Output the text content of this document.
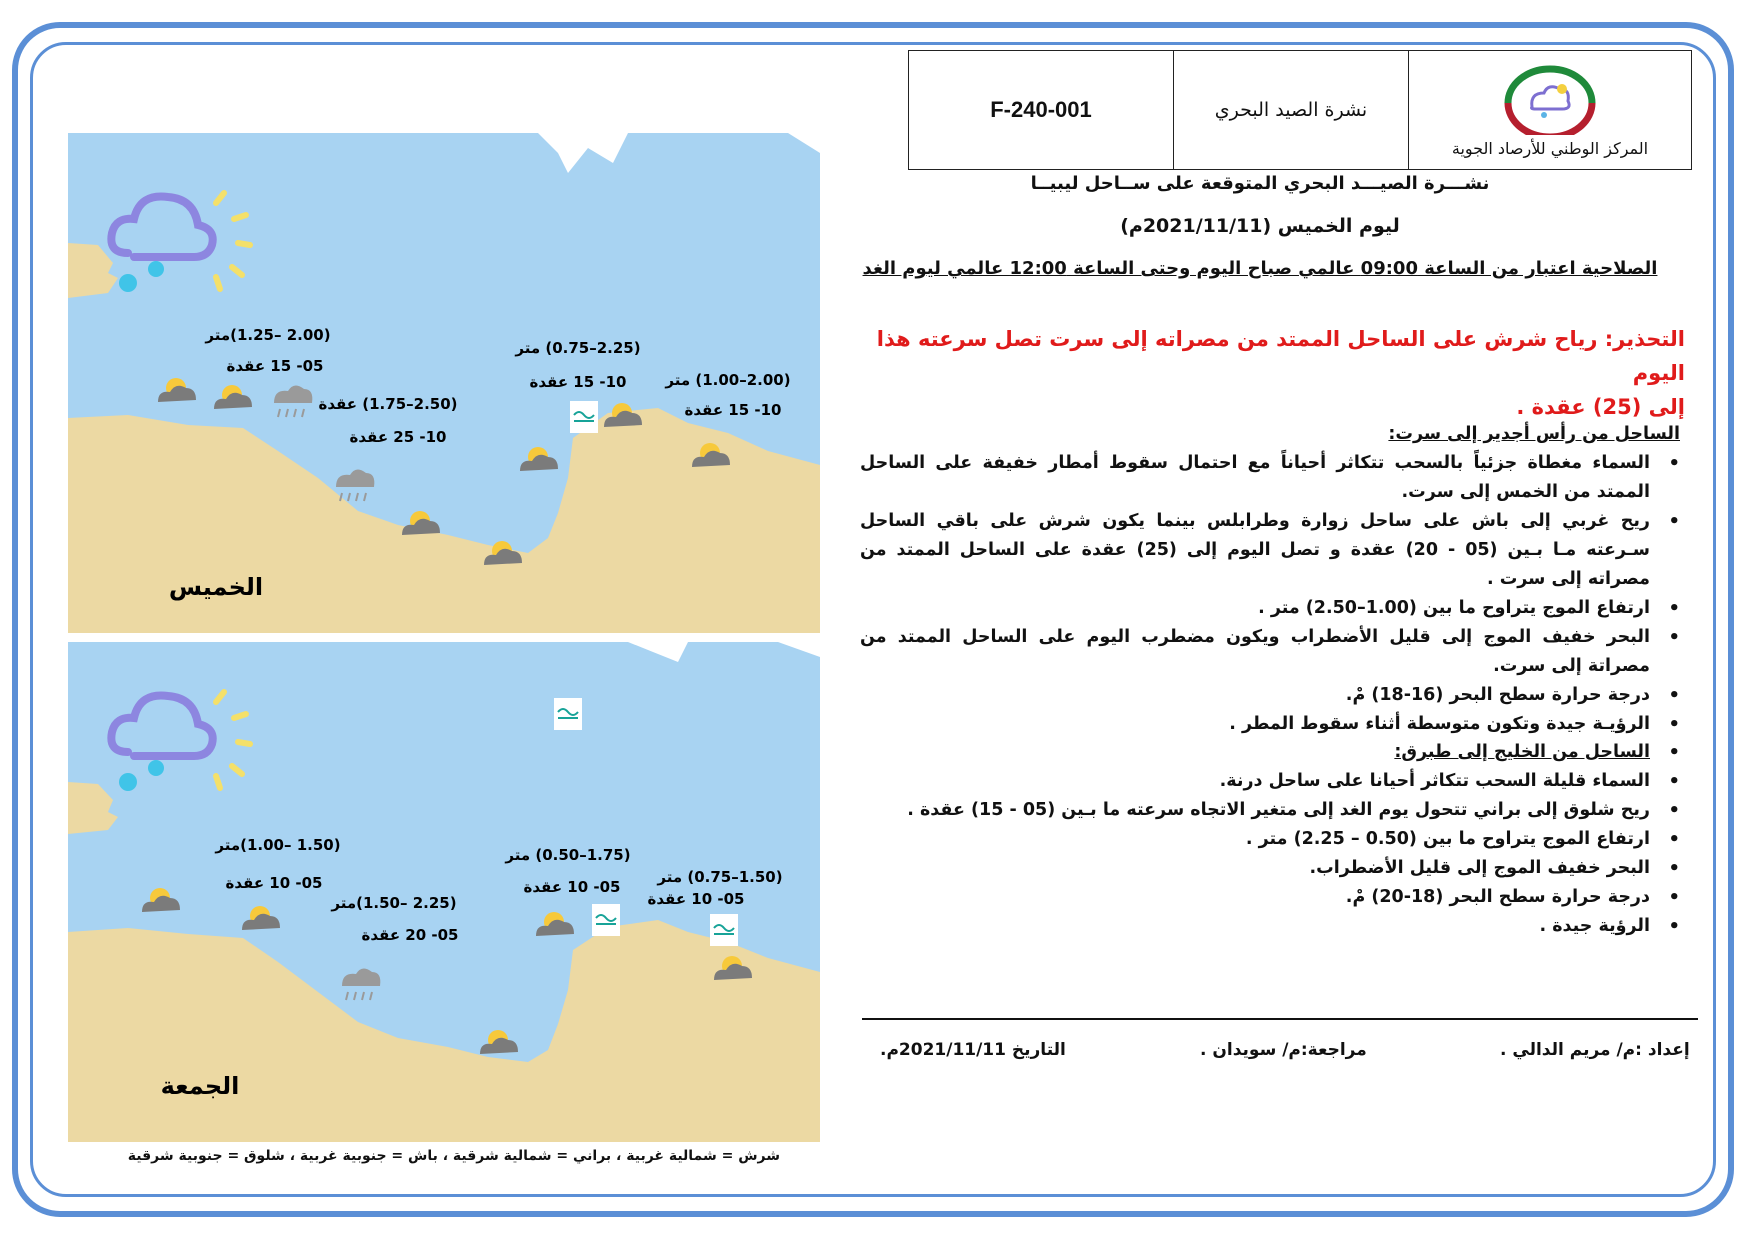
F-240-001	نشرة الصيد البحري
المركز الوطني للأرصاد الجوية
نشـــرة الصيـــد البحري المتوقعة على ســاحل ليبيــا
ليوم الخميس (2021/11/11م)
الصلاحية اعتبار من الساعة 09:00 عالمي صباح اليوم وحتى الساعة 12:00 عالمي ليوم الغد
التحذير: رياح شرش على الساحل الممتد من مصراته إلى سرت تصل سرعته هذا اليوم
إلى (25) عقدة .
الساحل من رأس أجدير إلى سرت:
• السماء مغطاة جزئياً بالسحب تتكاثر أحياناً مع احتمال سقوط أمطار خفيفة على الساحل الممتد من الخمس إلى سرت.
• ريح غربي إلى باش على ساحل زوارة وطرابلس بينما يكون شرش على باقي الساحل سـرعته مـا بـين (05 - 20) عقدة و تصل اليوم إلى (25) عقدة على الساحل الممتد من مصراته إلى سرت .
• ارتفاع الموج يتراوح ما بين (1.00–2.50) متر .
• البحر خفيف الموج إلى قليل الأضطراب ويكون مضطرب اليوم على الساحل الممتد من مصراتة إلى سرت.
• درجة حرارة سطح البحر (16-18) مْ.
• الرؤيـة جيدة وتكون متوسطة أثناء سقوط المطر .
• الساحل من الخليج إلى طبرق:
• السماء قليلة السحب تتكاثر أحيانا على ساحل درنة.
• ريح شلوق إلى براني تتحول يوم الغد إلى متغير الاتجاه سرعته ما بـين (05 - 15) عقدة .
• ارتفاع الموج يتراوح ما بين (0.50 – 2.25) متر .
• البحر خفيف الموج إلى قليل الأضطراب.
• درجة حرارة سطح البحر (18-20) مْ.
• الرؤية جيدة .
إعداد :م/ مريم الدالي .
مراجعة:م/ سويدان .
التاريخ 2021/11/11م.
(2.00 –1.25)متر
05- 15 عقدة
(2.50–1.75) عقدة
10- 25 عقدة
(2.25–0.75) متر
10- 15 عقدة	(2.00–1.00) متر
10- 15 عقدة
الخميس
(1.50 –1.00)متر
05- 10 عقدة
(2.25 –1.50)متر
05- 20 عقدة
(1.75–0.50) متر
05- 10 عقدة
(1.50–0.75) متر
05- 10 عقدة
الجمعة
شرش = شمالية غربية ، براني = شمالية شرقية ، باش = جنوبية غربية ، شلوق = جنوبية شرقية
